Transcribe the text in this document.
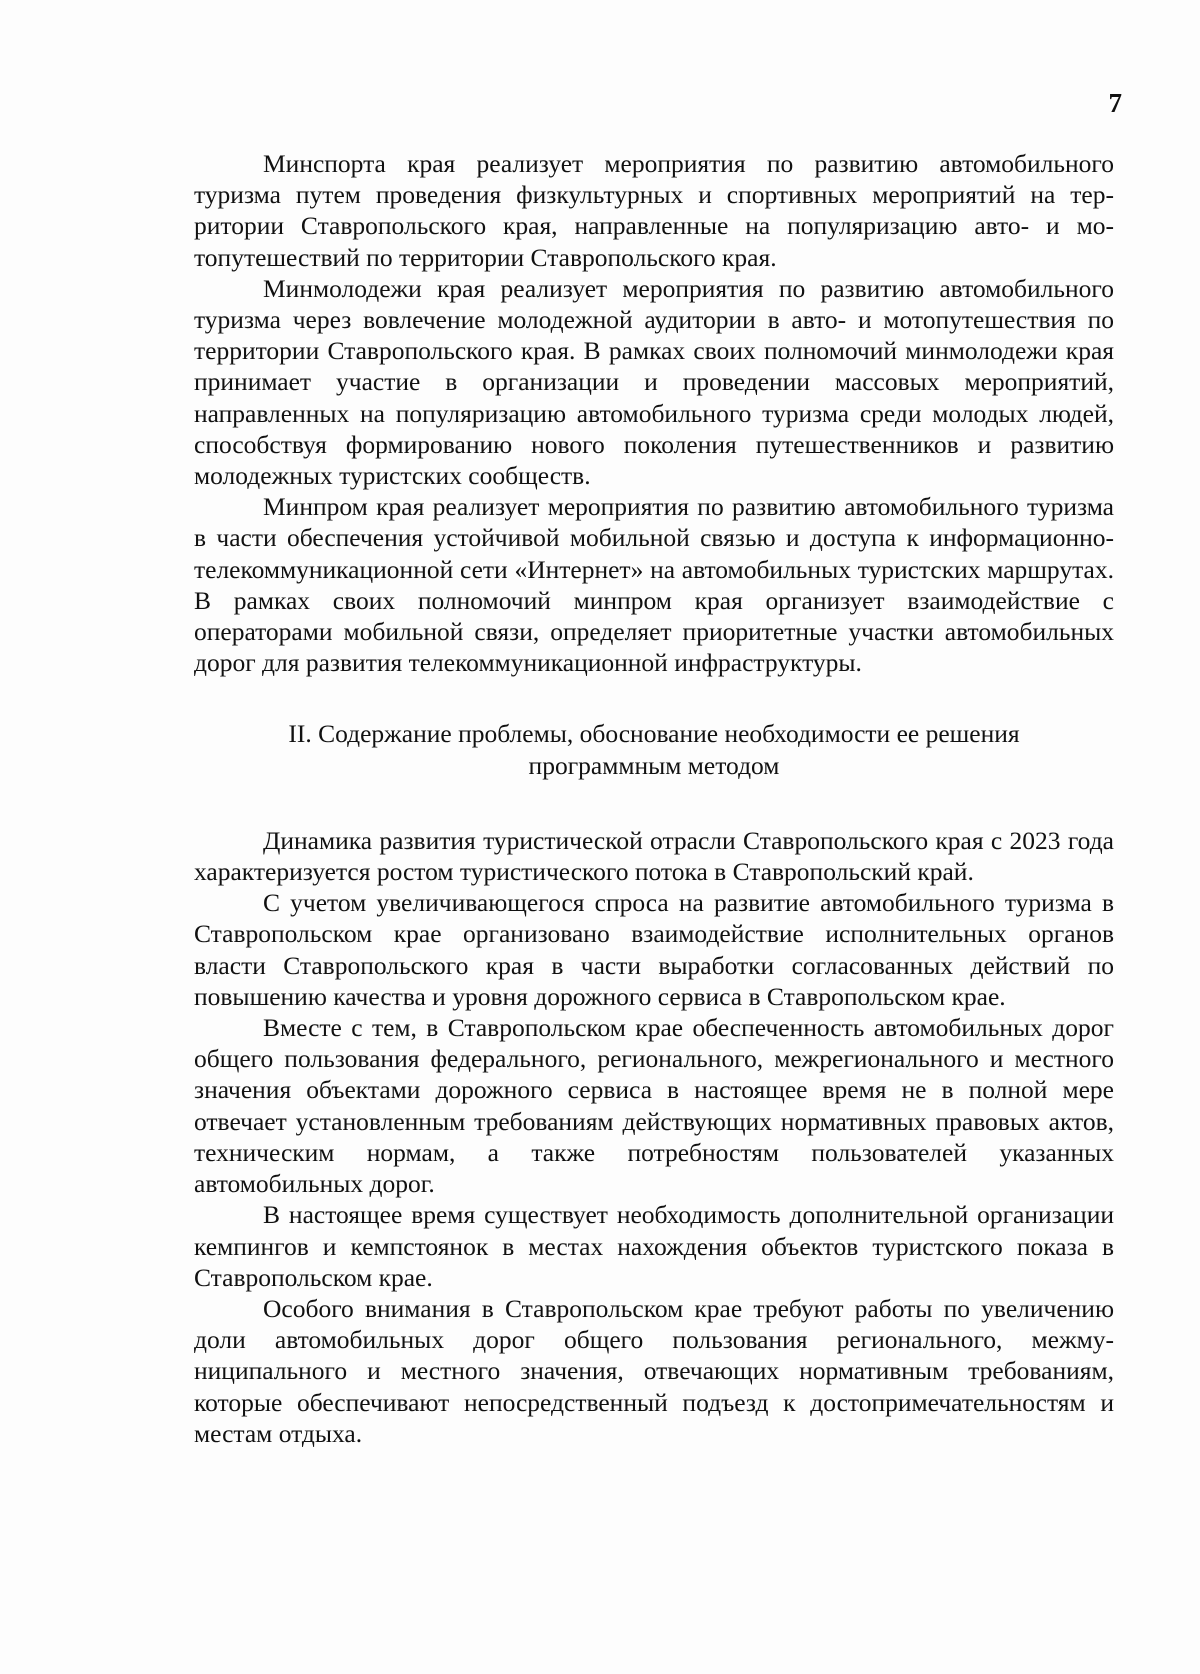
7

Минспорта края реализует мероприятия по развитию автомобильного туризма путем проведения физкультурных и спортивных мероприятий на территории Ставропольского края, направленные на популяризацию авто- и мотопутешествий по территории Ставропольского края.

Минмолодежи края реализует мероприятия по развитию автомобильного туризма через вовлечение молодежной аудитории в авто- и мотопутешествия по территории Ставропольского края. В рамках своих полномочий минмолодежи края принимает участие в организации и проведении массовых мероприятий, направленных на популяризацию автомобильного туризма среди молодых людей, способствуя формированию нового поколения путешественников и развитию молодежных туристских сообществ.

Минпром края реализует мероприятия по развитию автомобильного туризма в части обеспечения устойчивой мобильной связью и доступа к информационно-телекоммуникационной сети «Интернет» на автомобильных туристских маршрутах. В рамках своих полномочий минпром края организует взаимодействие с операторами мобильной связи, определяет приоритетные участки автомобильных дорог для развития телекоммуникационной инфраструктуры.

II. Содержание проблемы, обоснование необходимости ее решения
программным методом

Динамика развития туристической отрасли Ставропольского края с 2023 года характеризуется ростом туристического потока в Ставропольский край.

С учетом увеличивающегося спроса на развитие автомобильного туризма в Ставропольском крае организовано взаимодействие исполнительных органов власти Ставропольского края в части выработки согласованных действий по повышению качества и уровня дорожного сервиса в Ставропольском крае.

Вместе с тем, в Ставропольском крае обеспеченность автомобильных дорог общего пользования федерального, регионального, межрегионального и местного значения объектами дорожного сервиса в настоящее время не в полной мере отвечает установленным требованиям действующих нормативных правовых актов, техническим нормам, а также потребностям пользователей указанных автомобильных дорог.

В настоящее время существует необходимость дополнительной организации кемпингов и кемпстоянок в местах нахождения объектов туристского показа в Ставропольском крае.

Особого внимания в Ставропольском крае требуют работы по увеличению доли автомобильных дорог общего пользования регионального, межмуниципального и местного значения, отвечающих нормативным требованиям, которые обеспечивают непосредственный подъезд к достопримечательностям и местам отдыха.
